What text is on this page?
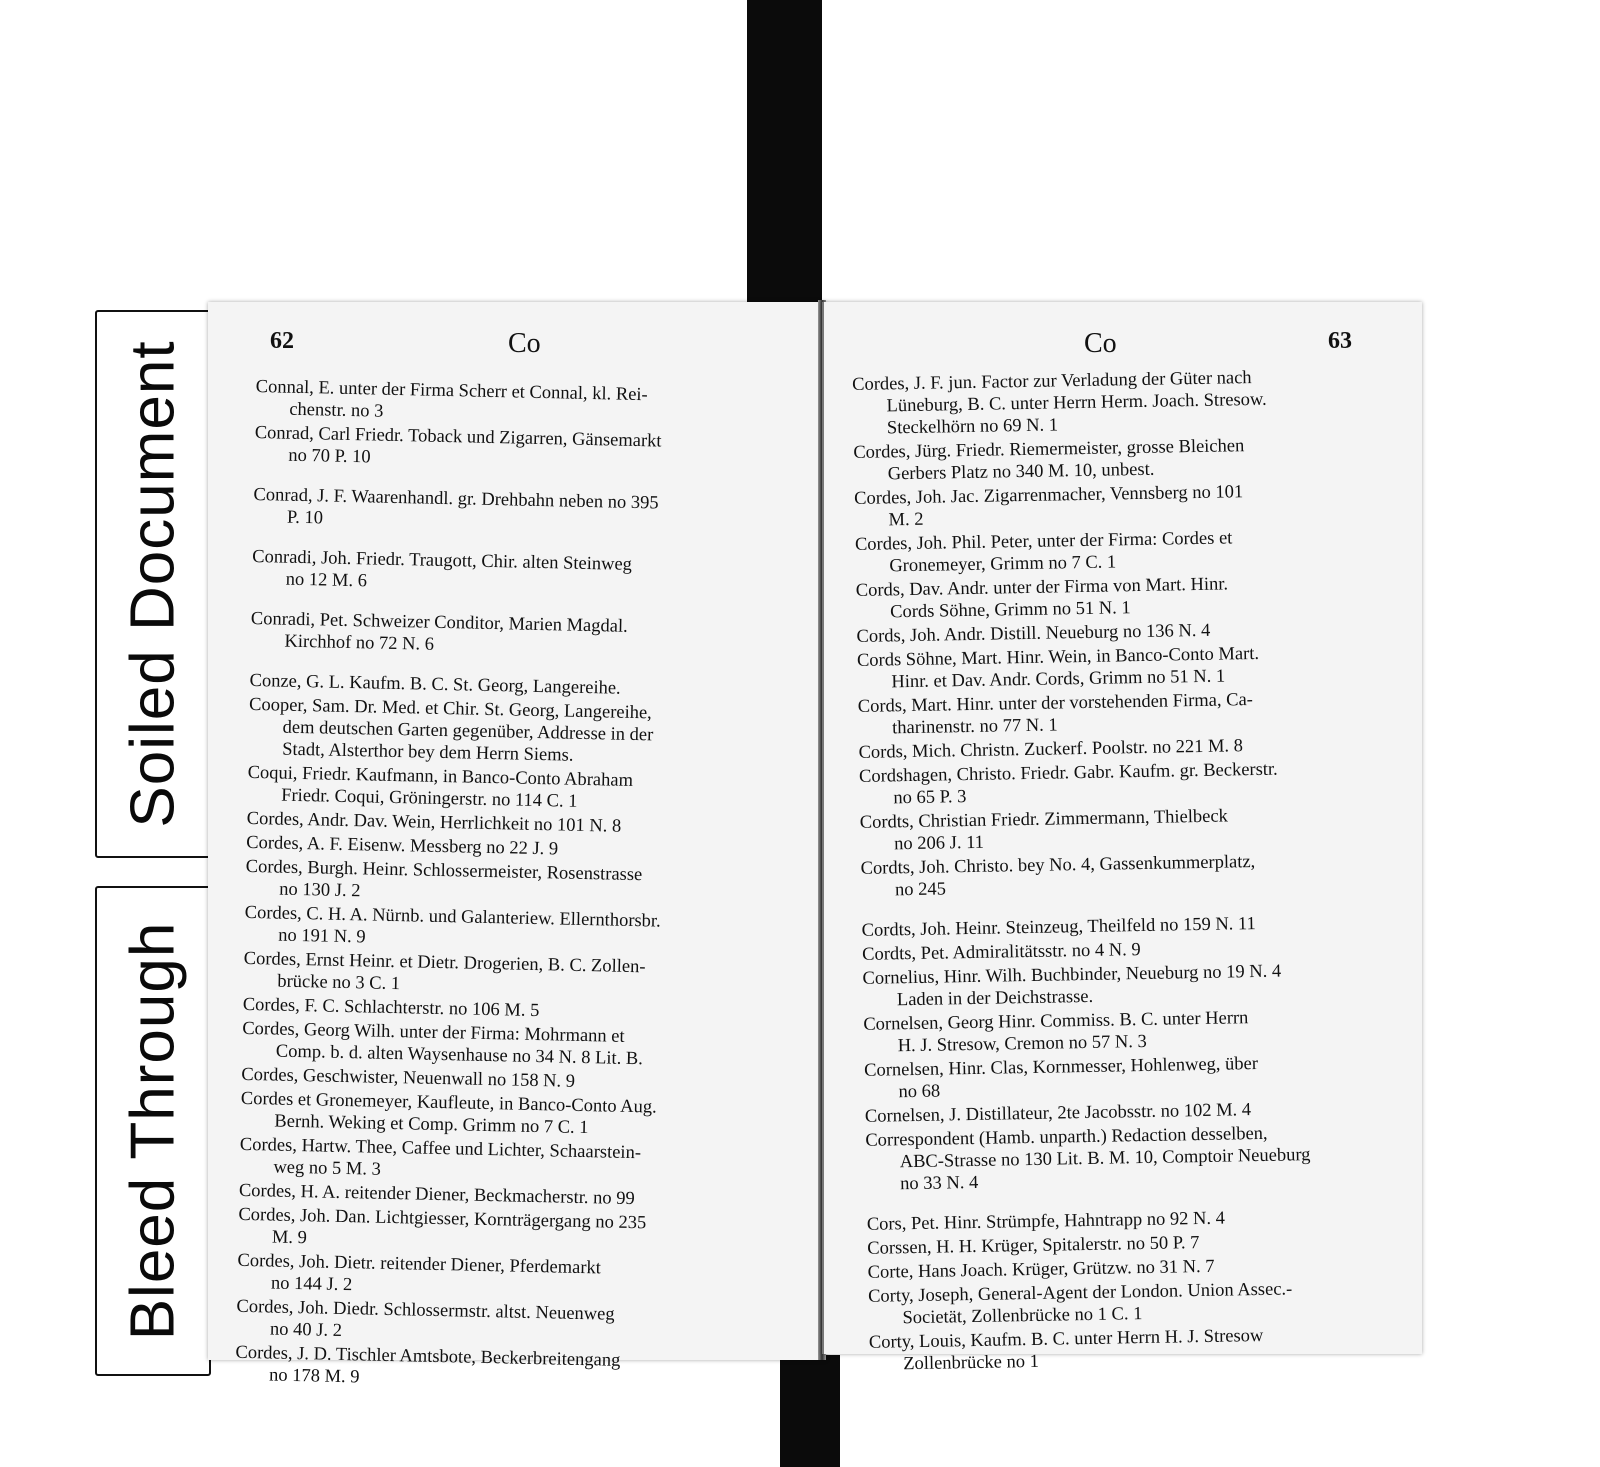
Soiled Document
Bleed Through
62	Co
Connal, E. unter der Firma Scherr et Connal, kl. Rei-
chenstr. no 3
Conrad, Carl Friedr. Toback und Zigarren, Gänsemarkt
no 70 P. 10
Conrad, J. F. Waarenhandl. gr. Drehbahn neben no 395
P. 10
Conradi, Joh. Friedr. Traugott, Chir. alten Steinweg
no 12 M. 6
Conradi, Pet. Schweizer Conditor, Marien Magdal.
Kirchhof no 72 N. 6
Conze, G. L. Kaufm. B. C. St. Georg, Langereihe.
Cooper, Sam. Dr. Med. et Chir. St. Georg, Langereihe,
dem deutschen Garten gegenüber, Addresse in der
Stadt, Alsterthor bey dem Herrn Siems.
Coqui, Friedr. Kaufmann, in Banco-Conto Abraham
Friedr. Coqui, Gröningerstr. no 114 C. 1
Cordes, Andr. Dav. Wein, Herrlichkeit no 101 N. 8
Cordes, A. F. Eisenw. Messberg no 22 J. 9
Cordes, Burgh. Heinr. Schlossermeister, Rosenstrasse
no 130 J. 2
Cordes, C. H. A. Nürnb. und Galanteriew. Ellernthorsbr.
no 191 N. 9
Cordes, Ernst Heinr. et Dietr. Drogerien, B. C. Zollen-
brücke no 3 C. 1
Cordes, F. C. Schlachterstr. no 106 M. 5
Cordes, Georg Wilh. unter der Firma: Mohrmann et
Comp. b. d. alten Waysenhause no 34 N. 8 Lit. B.
Cordes, Geschwister, Neuenwall no 158 N. 9
Cordes et Gronemeyer, Kaufleute, in Banco-Conto Aug.
Bernh. Weking et Comp. Grimm no 7 C. 1
Cordes, Hartw. Thee, Caffee und Lichter, Schaarstein-
weg no 5 M. 3
Cordes, H. A. reitender Diener, Beckmacherstr. no 99
Cordes, Joh. Dan. Lichtgiesser, Kornträgergang no 235
M. 9
Cordes, Joh. Dietr. reitender Diener, Pferdemarkt
no 144 J. 2
Cordes, Joh. Diedr. Schlossermstr. altst. Neuenweg
no 40 J. 2
Cordes, J. D. Tischler Amtsbote, Beckerbreitengang
no 178 M. 9
63
Co
Cordes, J. F. jun. Factor zur Verladung der Güter nach
Lüneburg, B. C. unter Herrn Herm. Joach. Stresow.
Steckelhörn no 69 N. 1
Cordes, Jürg. Friedr. Riemermeister, grosse Bleichen
Gerbers Platz no 340 M. 10, unbest.
Cordes, Joh. Jac. Zigarrenmacher, Vennsberg no 101
M. 2
Cordes, Joh. Phil. Peter, unter der Firma: Cordes et
Gronemeyer, Grimm no 7 C. 1
Cords, Dav. Andr. unter der Firma von Mart. Hinr.
Cords Söhne, Grimm no 51 N. 1
Cords, Joh. Andr. Distill. Neueburg no 136 N. 4
Cords Söhne, Mart. Hinr. Wein, in Banco-Conto Mart.
Hinr. et Dav. Andr. Cords, Grimm no 51 N. 1
Cords, Mart. Hinr. unter der vorstehenden Firma, Ca-
tharinenstr. no 77 N. 1
Cords, Mich. Christn. Zuckerf. Poolstr. no 221 M. 8
Cordshagen, Christo. Friedr. Gabr. Kaufm. gr. Beckerstr.
no 65 P. 3
Cordts, Christian Friedr. Zimmermann, Thielbeck
no 206 J. 11
Cordts, Joh. Christo. bey No. 4, Gassenkummerplatz,
no 245
Cordts, Joh. Heinr. Steinzeug, Theilfeld no 159 N. 11
Cordts, Pet. Admiralitätsstr. no 4 N. 9
Cornelius, Hinr. Wilh. Buchbinder, Neueburg no 19 N. 4
Laden in der Deichstrasse.
Cornelsen, Georg Hinr. Commiss. B. C. unter Herrn
H. J. Stresow, Cremon no 57 N. 3
Cornelsen, Hinr. Clas, Kornmesser, Hohlenweg, über
no 68
Cornelsen, J. Distillateur, 2te Jacobsstr. no 102 M. 4
Correspondent (Hamb. unparth.) Redaction desselben,
ABC-Strasse no 130 Lit. B. M. 10, Comptoir Neueburg
no 33 N. 4
Cors, Pet. Hinr. Strümpfe, Hahntrapp no 92 N. 4
Corssen, H. H. Krüger, Spitalerstr. no 50 P. 7
Corte, Hans Joach. Krüger, Grützw. no 31 N. 7
Corty, Joseph, General-Agent der London. Union Assec.-
Societät, Zollenbrücke no 1 C. 1
Corty, Louis, Kaufm. B. C. unter Herrn H. J. Stresow
Zollenbrücke no 1
